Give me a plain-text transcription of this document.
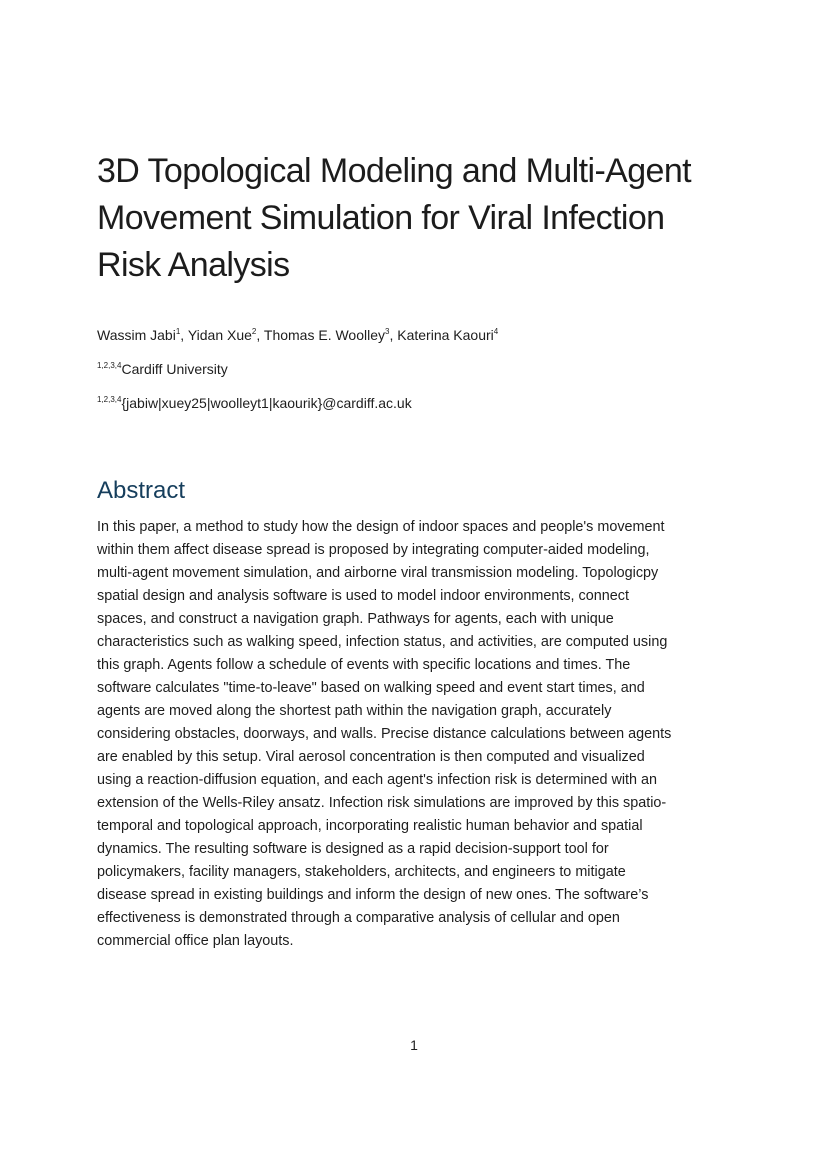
3D Topological Modeling and Multi-Agent
Movement Simulation for Viral Infection
Risk Analysis
Wassim Jabi$^1$, Yidan Xue$^2$, Thomas E. Woolley$^3$, Katerina Kaouri$^4$
$^{1,2,3,4}$Cardiff University
$^{1,2,3,4}${jabiw|xuey25|woolleyt1|kaourik}@cardiff.ac.uk
Abstract
In this paper, a method to study how the design of indoor spaces and people's movement
within them affect disease spread is proposed by integrating computer-aided modeling,
multi-agent movement simulation, and airborne viral transmission modeling. Topologicpy
spatial design and analysis software is used to model indoor environments, connect
spaces, and construct a navigation graph. Pathways for agents, each with unique
characteristics such as walking speed, infection status, and activities, are computed using
this graph. Agents follow a schedule of events with specific locations and times. The
software calculates "time-to-leave" based on walking speed and event start times, and
agents are moved along the shortest path within the navigation graph, accurately
considering obstacles, doorways, and walls. Precise distance calculations between agents
are enabled by this setup. Viral aerosol concentration is then computed and visualized
using a reaction-diffusion equation, and each agent's infection risk is determined with an
extension of the Wells-Riley ansatz. Infection risk simulations are improved by this spatio-
temporal and topological approach, incorporating realistic human behavior and spatial
dynamics. The resulting software is designed as a rapid decision-support tool for
policymakers, facility managers, stakeholders, architects, and engineers to mitigate
disease spread in existing buildings and inform the design of new ones. The software’s
effectiveness is demonstrated through a comparative analysis of cellular and open
commercial office plan layouts.
1
